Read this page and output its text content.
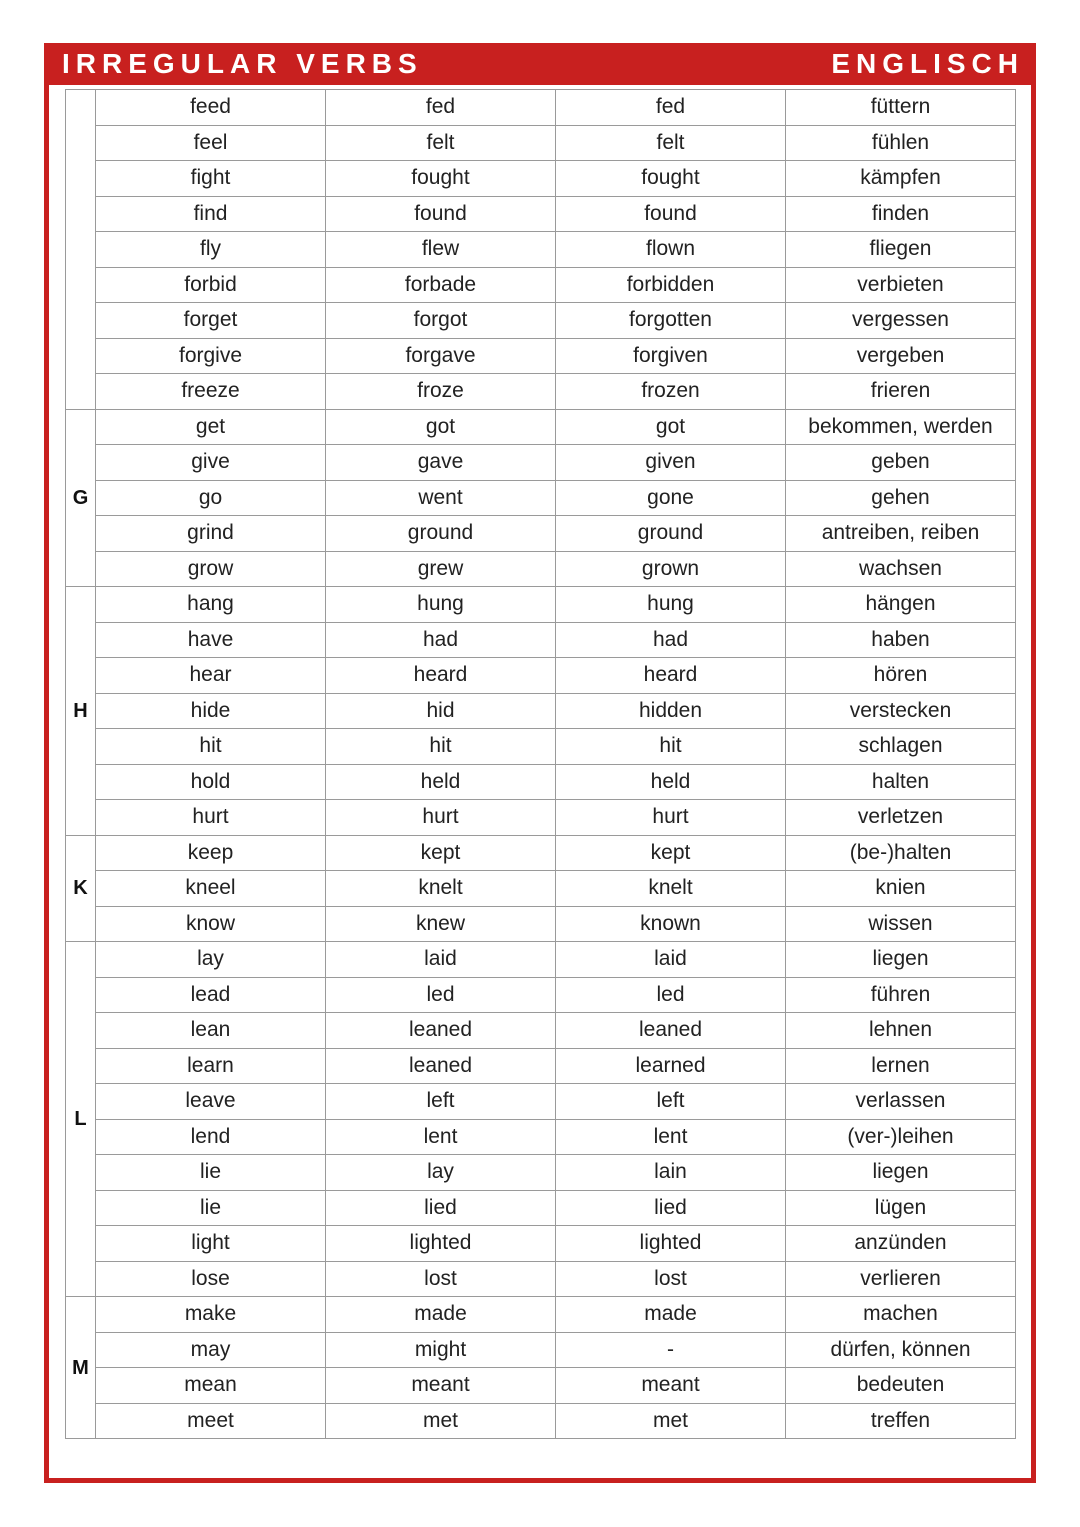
IRREGULAR VERBS	ENGLISCH
	feed	fed	fed	füttern
	feel	felt	felt	fühlen
	fight	fought	fought	kämpfen
	find	found	found	finden
	fly	flew	flown	fliegen
	forbid	forbade	forbidden	verbieten
	forget	forgot	forgotten	vergessen
	forgive	forgave	forgiven	vergeben
	freeze	froze	frozen	frieren
G	get	got	got	bekommen, werden
	give	gave	given	geben
	go	went	gone	gehen
	grind	ground	ground	antreiben, reiben
	grow	grew	grown	wachsen
H	hang	hung	hung	hängen
	have	had	had	haben
	hear	heard	heard	hören
	hide	hid	hidden	verstecken
	hit	hit	hit	schlagen
	hold	held	held	halten
	hurt	hurt	hurt	verletzen
K	keep	kept	kept	(be-)halten
	kneel	knelt	knelt	knien
	know	knew	known	wissen
L	lay	laid	laid	liegen
	lead	led	led	führen
	lean	leaned	leaned	lehnen
	learn	leaned	learned	lernen
	leave	left	left	verlassen
	lend	lent	lent	(ver-)leihen
	lie	lay	lain	liegen
	lie	lied	lied	lügen
	light	lighted	lighted	anzünden
	lose	lost	lost	verlieren
M	make	made	made	machen
	may	might	-	dürfen, können
	mean	meant	meant	bedeuten
	meet	met	met	treffen
